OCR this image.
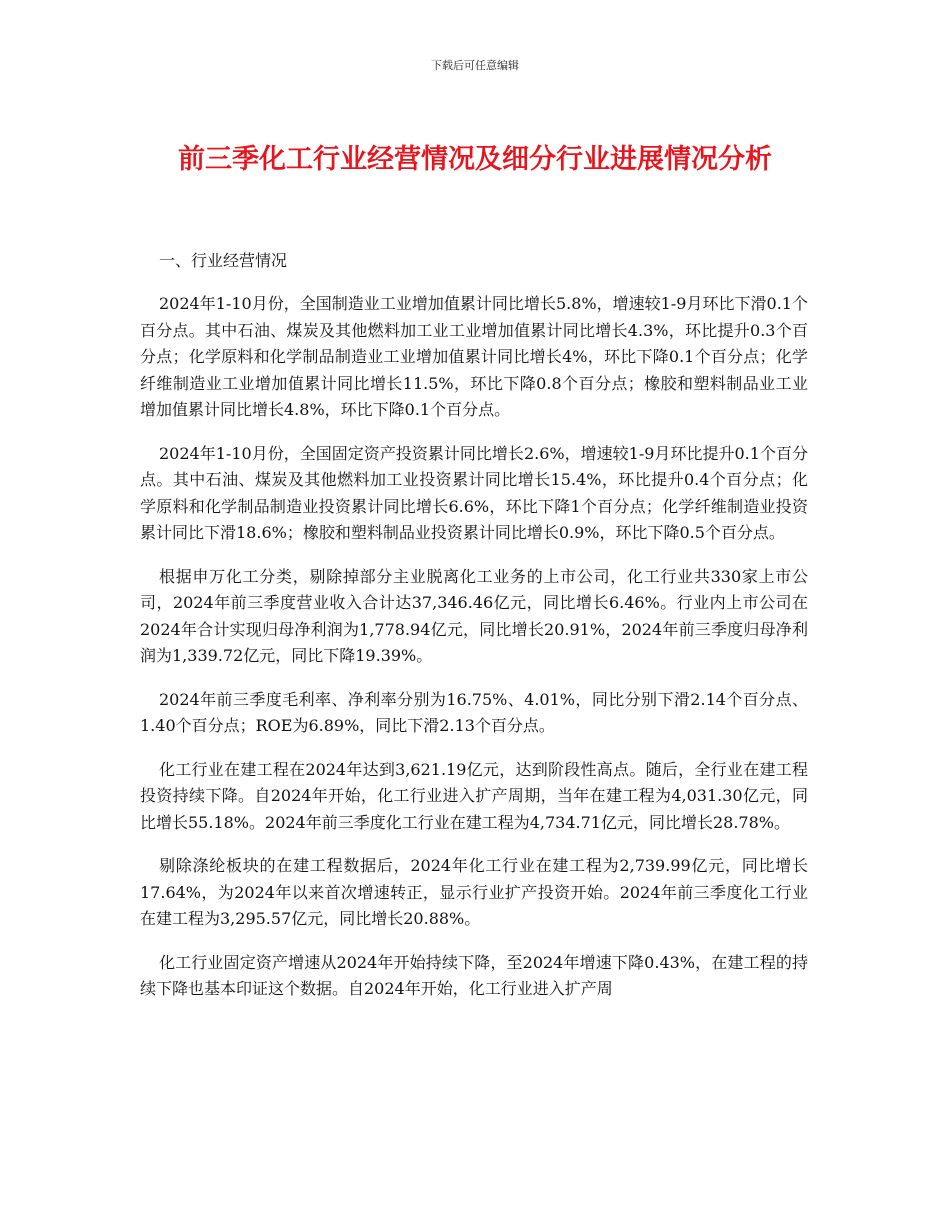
下载后可任意编辑
前三季化工行业经营情况及细分行业进展情况分析

一、行业经营情况

2024年1-10月份，全国制造业工业增加值累计同比增长5.8%，增速较1-9月环比下滑0.1个百分点。其中石油、煤炭及其他燃料加工业工业增加值累计同比增长4.3%，环比提升0.3个百分点；化学原料和化学制品制造业工业增加值累计同比增长4%，环比下降0.1个百分点；化学纤维制造业工业增加值累计同比增长11.5%，环比下降0.8个百分点；橡胶和塑料制品业工业增加值累计同比增长4.8%，环比下降0.1个百分点。

2024年1-10月份，全国固定资产投资累计同比增长2.6%，增速较1-9月环比提升0.1个百分点。其中石油、煤炭及其他燃料加工业投资累计同比增长15.4%，环比提升0.4个百分点；化学原料和化学制品制造业投资累计同比增长6.6%，环比下降1个百分点；化学纤维制造业投资累计同比下滑18.6%；橡胶和塑料制品业投资累计同比增长0.9%，环比下降0.5个百分点。

根据申万化工分类，剔除掉部分主业脱离化工业务的上市公司，化工行业共330家上市公司，2024年前三季度营业收入合计达37,346.46亿元，同比增长6.46%。行业内上市公司在2024年合计实现归母净利润为1,778.94亿元，同比增长20.91%，2024年前三季度归母净利润为1,339.72亿元，同比下降19.39%。

2024年前三季度毛利率、净利率分别为16.75%、4.01%，同比分别下滑2.14个百分点、1.40个百分点；ROE为6.89%，同比下滑2.13个百分点。

化工行业在建工程在2024年达到3,621.19亿元，达到阶段性高点。随后，全行业在建工程投资持续下降。自2024年开始，化工行业进入扩产周期，当年在建工程为4,031.30亿元，同比增长55.18%。2024年前三季度化工行业在建工程为4,734.71亿元，同比增长28.78%。

剔除涤纶板块的在建工程数据后，2024年化工行业在建工程为2,739.99亿元，同比增长17.64%，为2024年以来首次增速转正，显示行业扩产投资开始。2024年前三季度化工行业在建工程为3,295.57亿元，同比增长20.88%。

化工行业固定资产增速从2024年开始持续下降，至2024年增速下降0.43%，在建工程的持续下降也基本印证这个数据。自2024年开始，化工行业进入扩产周
